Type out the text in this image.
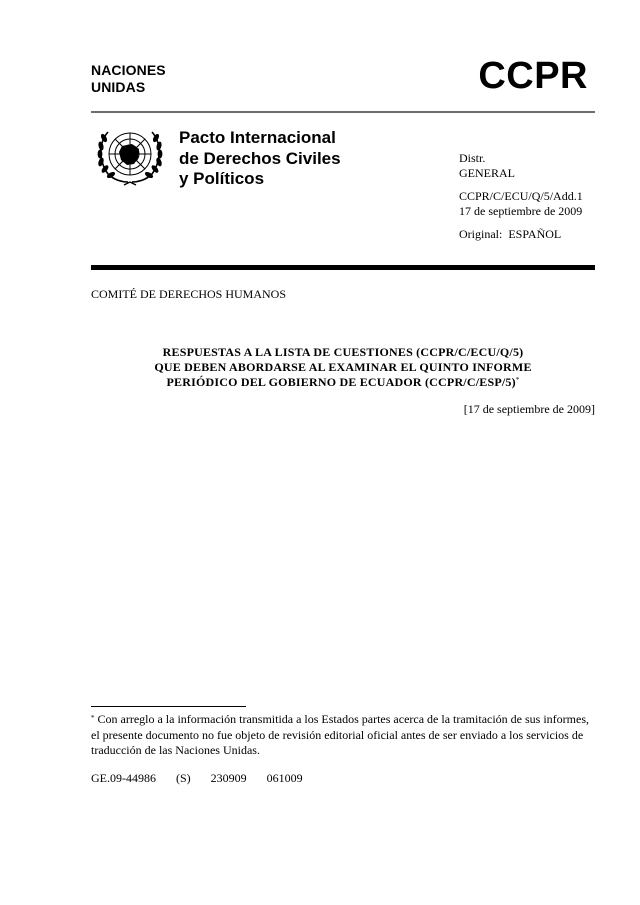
NACIONES
UNIDAS	CCPR
Pacto Internacional
de Derechos Civiles
y Políticos
Distr.
GENERAL
CCPR/C/ECU/Q/5/Add.1
17 de septiembre de 2009
Original: ESPAÑOL
COMITÉ DE DERECHOS HUMANOS
RESPUESTAS A LA LISTA DE CUESTIONES (CCPR/C/ECU/Q/5)
QUE DEBEN ABORDARSE AL EXAMINAR EL QUINTO INFORME
PERIÓDICO DEL GOBIERNO DE ECUADOR (CCPR/C/ESP/5)*
[17 de septiembre de 2009]
* Con arreglo a la información transmitida a los Estados partes acerca de la tramitación de sus informes, el presente documento no fue objeto de revisión editorial oficial antes de ser enviado a los servicios de traducción de las Naciones Unidas.
GE.09-44986 (S) 230909 061009
